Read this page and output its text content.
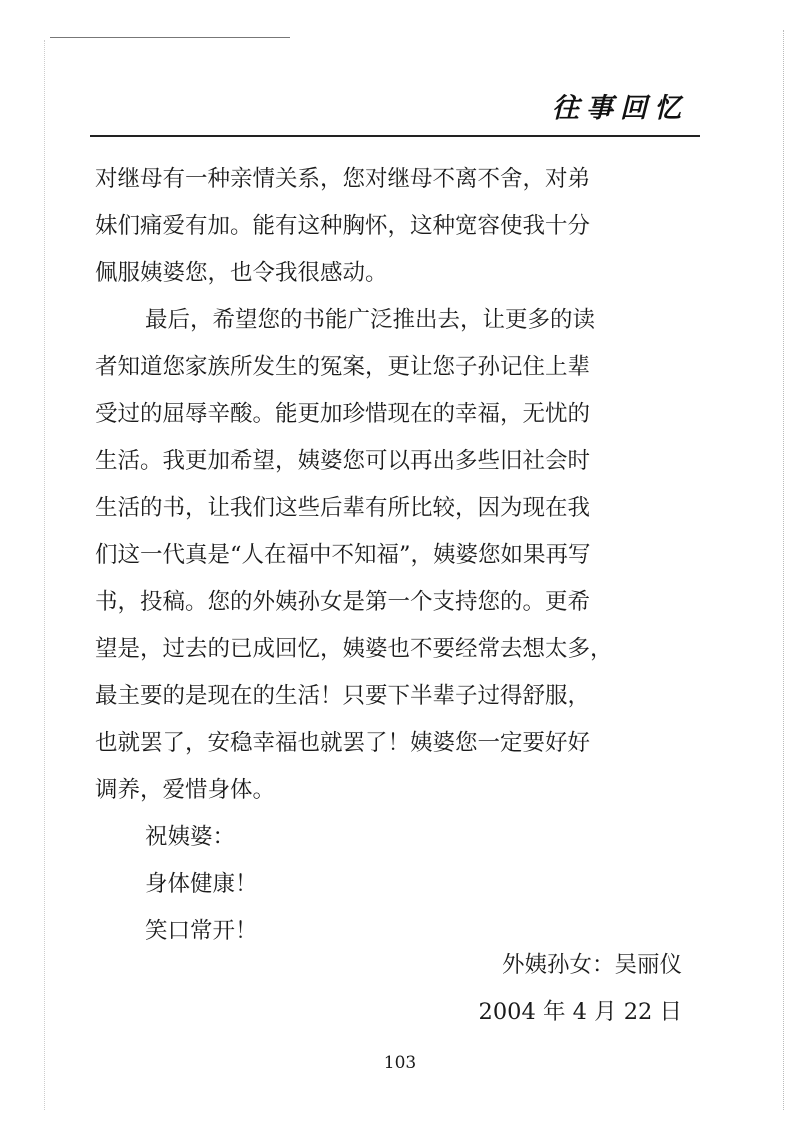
往事回忆
对继母有一种亲情关系，您对继母不离不舍，对弟
妹们痛爱有加。能有这种胸怀，这种宽容使我十分
佩服姨婆您，也令我很感动。
最后，希望您的书能广泛推出去，让更多的读
者知道您家族所发生的冤案，更让您子孙记住上辈
受过的屈辱辛酸。能更加珍惜现在的幸福，无忧的
生活。我更加希望，姨婆您可以再出多些旧社会时
生活的书，让我们这些后辈有所比较，因为现在我
们这一代真是“人在福中不知福”，姨婆您如果再写
书，投稿。您的外姨孙女是第一个支持您的。更希
望是，过去的已成回忆，姨婆也不要经常去想太多，
最主要的是现在的生活！只要下半辈子过得舒服，
也就罢了，安稳幸福也就罢了！姨婆您一定要好好
调养，爱惜身体。
祝姨婆：
身体健康！
笑口常开！
外姨孙女：吴丽仪
2004 年 4 月 22 日
103
